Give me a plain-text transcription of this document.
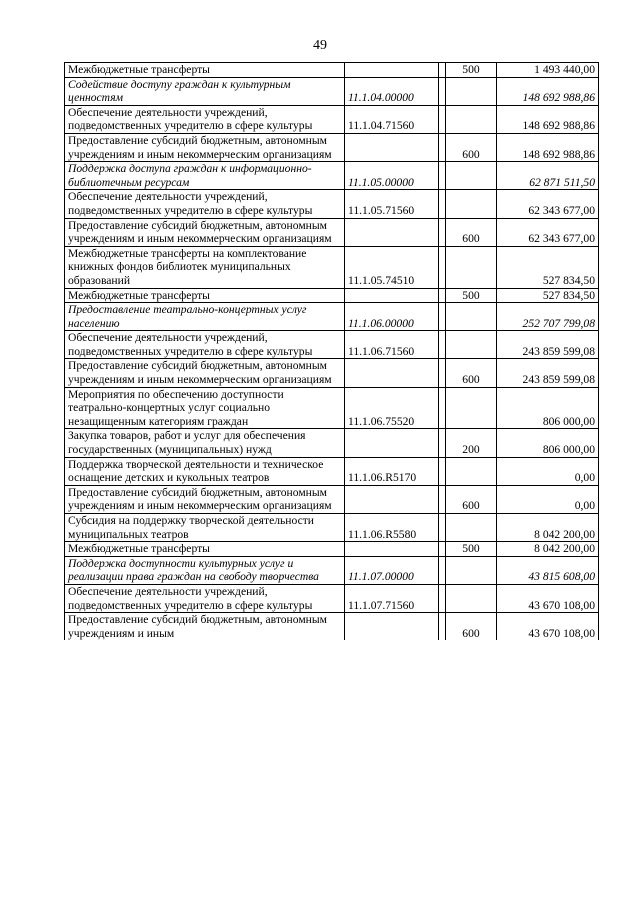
49
Межбюджетные трансферты			500	1 493 440,00
Содействие доступу граждан к культурным ценностям	11.1.04.00000			148 692 988,86
Обеспечение деятельности учреждений, подведомственных учредителю в сфере культуры	11.1.04.71560			148 692 988,86
Предоставление субсидий бюджетным, автономным учреждениям и иным некоммерческим организациям			600	148 692 988,86
Поддержка доступа граждан к информационно-библиотечным ресурсам	11.1.05.00000			62 871 511,50
Обеспечение деятельности учреждений, подведомственных учредителю в сфере культуры	11.1.05.71560			62 343 677,00
Предоставление субсидий бюджетным, автономным учреждениям и иным некоммерческим организациям			600	62 343 677,00
Межбюджетные трансферты на комплектование книжных фондов библиотек муниципальных образований	11.1.05.74510			527 834,50
Межбюджетные трансферты			500	527 834,50
Предоставление театрально-концертных услуг населению	11.1.06.00000			252 707 799,08
Обеспечение деятельности учреждений, подведомственных учредителю в сфере культуры	11.1.06.71560			243 859 599,08
Предоставление субсидий бюджетным, автономным учреждениям и иным некоммерческим организациям			600	243 859 599,08
Мероприятия по обеспечению доступности театрально-концертных услуг социально незащищенным категориям граждан	11.1.06.75520			806 000,00
Закупка товаров, работ и услуг для обеспечения государственных (муниципальных) нужд			200	806 000,00
Поддержка творческой деятельности и техническое оснащение детских и кукольных театров	11.1.06.R5170			0,00
Предоставление субсидий бюджетным, автономным учреждениям и иным некоммерческим организациям			600	0,00
Субсидия на поддержку творческой деятельности муниципальных театров	11.1.06.R5580			8 042 200,00
Межбюджетные трансферты			500	8 042 200,00
Поддержка доступности культурных услуг и реализации права граждан на свободу творчества	11.1.07.00000			43 815 608,00
Обеспечение деятельности учреждений, подведомственных учредителю в сфере культуры	11.1.07.71560			43 670 108,00
Предоставление субсидий бюджетным, автономным учреждениям и иным			600	43 670 108,00
